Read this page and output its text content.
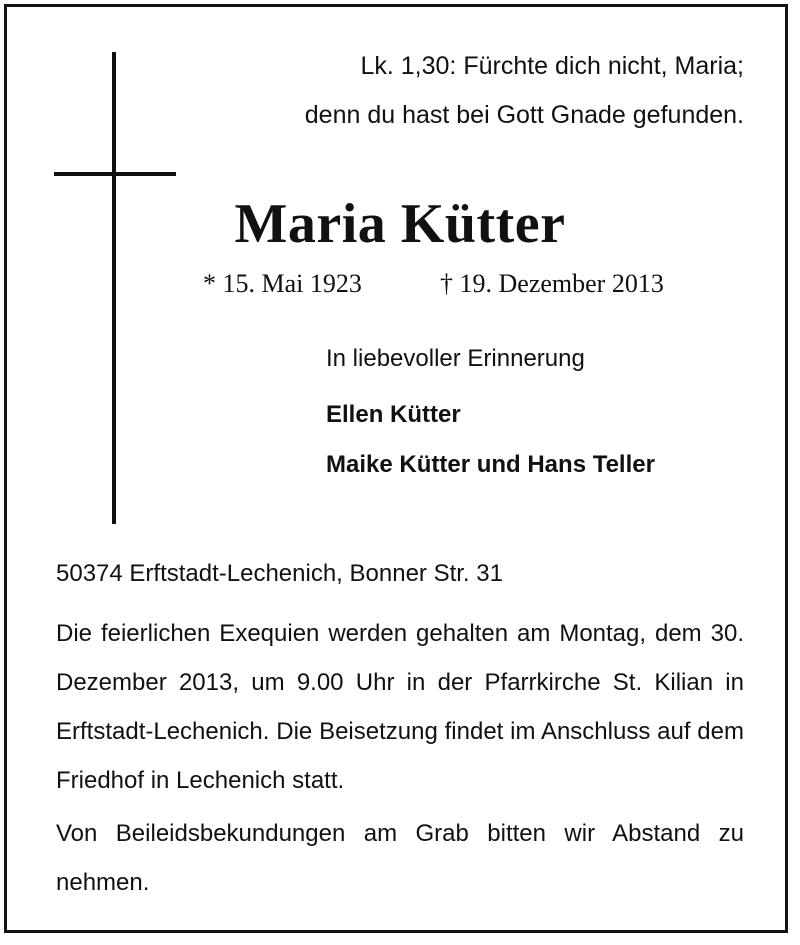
Lk. 1,30: Fürchte dich nicht, Maria;
denn du hast bei Gott Gnade gefunden.
Maria Kütter
* 15. Mai 1923	† 19. Dezember 2013
In liebevoller Erinnerung
Ellen Kütter
Maike Kütter und Hans Teller
50374 Erftstadt-Lechenich, Bonner Str. 31

Die feierlichen Exequien werden gehalten am Montag, dem 30. Dezember 2013, um 9.00 Uhr in der Pfarrkirche St. Kilian in Erftstadt-Lechenich. Die Beisetzung findet im Anschluss auf dem Friedhof in Lechenich statt.

Von Beileidsbekundungen am Grab bitten wir Abstand zu nehmen.
